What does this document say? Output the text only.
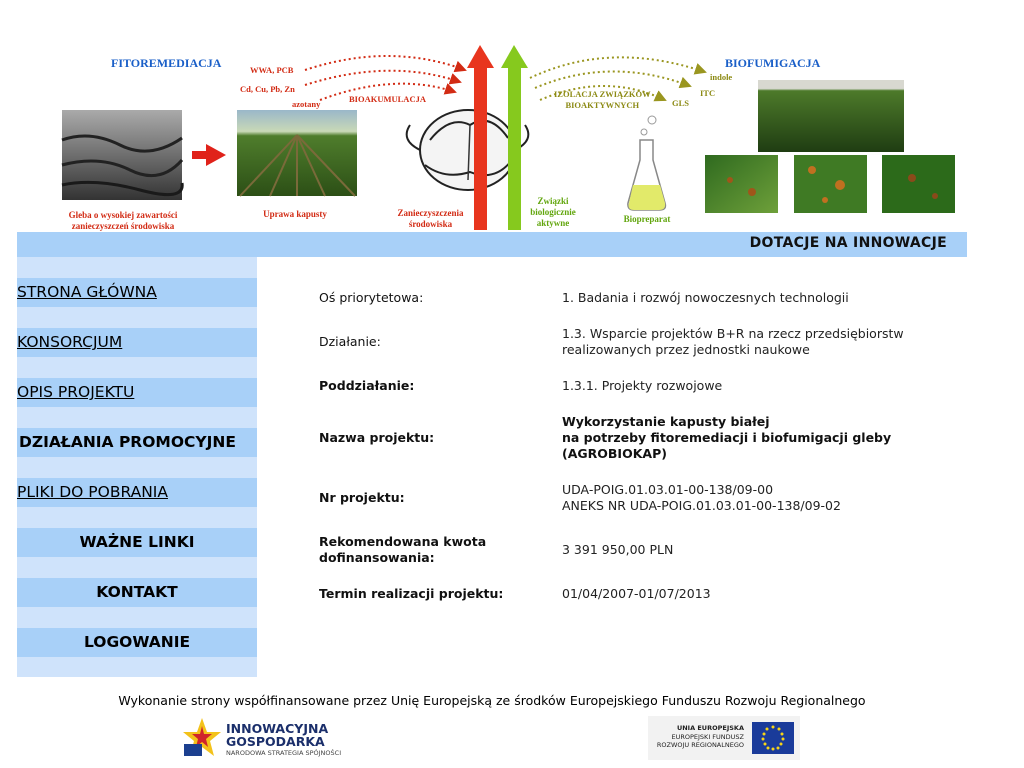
FITOREMEDIACJA	BIOFUMIGACJA
WWA, PCB
Cd, Cu, Pb, Zn
azotany	BIOAKUMULACJA	IZOLACJA ZWIĄZKÓW
BIOAKTYWNYCH
indole
ITC
GLS
Gleba o wysokiej zawartości
zanieczyszczeń środowiska
Uprawa kapusty	Zanieczyszczenia
środowiska
Związki
biologicznie
aktywne	Biopreparat
DOTACJE NA INNOWACJE
STRONA GŁÓWNA
KONSORCJUM
OPIS PROJEKTU
DZIAŁANIA PROMOCYJNE
PLIKI DO POBRANIA
WAŻNE LINKI
KONTAKT
LOGOWANIE
Oś priorytetowa:	1. Badania i rozwój nowoczesnych technologii
Działanie:
1.3. Wsparcie projektów B+R na rzecz przedsiębiorstw
realizowanych przez jednostki naukowe
Poddziałanie:	1.3.1. Projekty rozwojowe
Nazwa projektu:
Wykorzystanie kapusty białej
na potrzeby fitoremediacji i biofumigacji gleby
(AGROBIOKAP)
Nr projektu:
UDA-POIG.01.03.01-00-138/09-00
ANEKS NR UDA-POIG.01.03.01-00-138/09-02
Rekomendowana kwota
dofinansowania:
3 391 950,00 PLN
Termin realizacji projektu:	01/04/2007-01/07/2013
Wykonanie strony współfinansowane przez Unię Europejską ze środków Europejskiego Funduszu Rozwoju Regionalnego
INNOWACYJNA
GOSPODARKA
NARODOWA STRATEGIA SPÓJNOŚCI
UNIA EUROPEJSKA
EUROPEJSKI FUNDUSZ
ROZWOJU REGIONALNEGO
